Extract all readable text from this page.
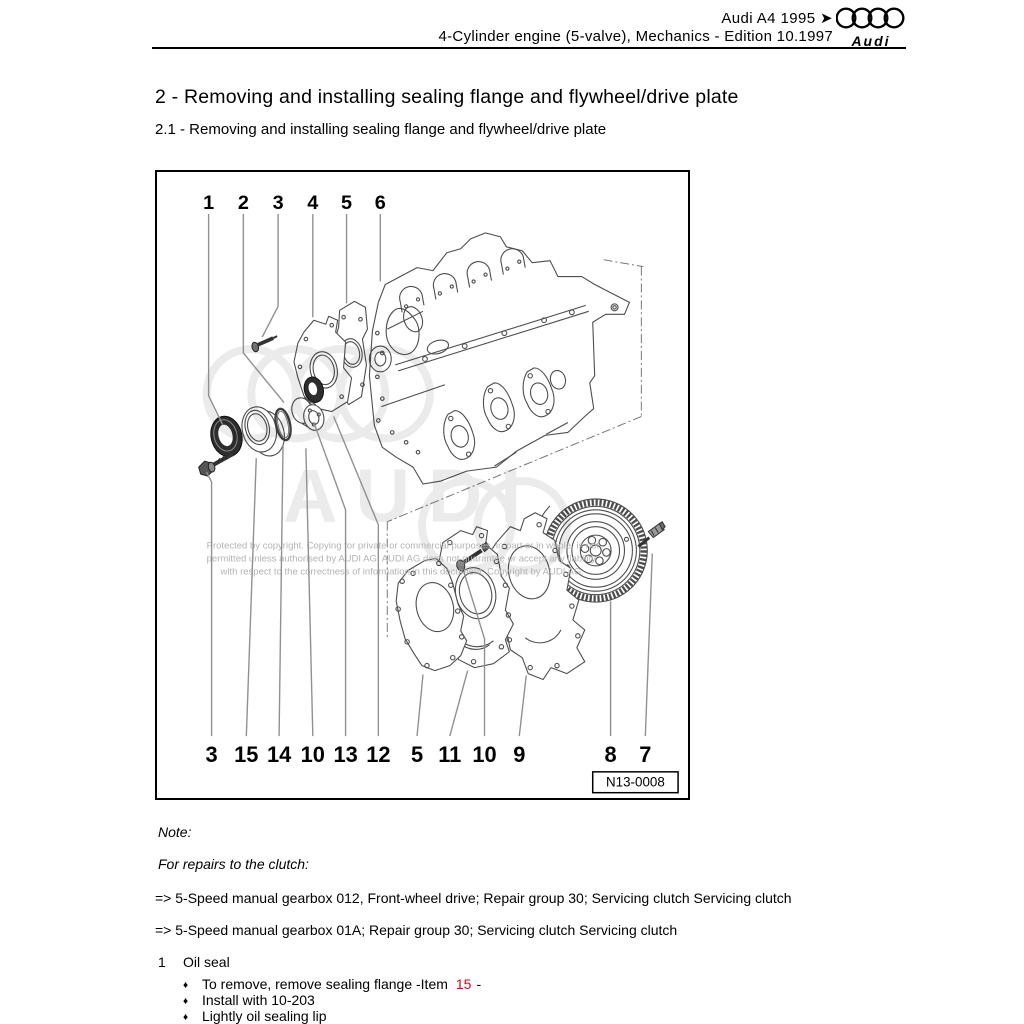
Audi A4 1995 ➤
4-Cylinder engine (5-valve), Mechanics - Edition 10.1997	Audi
2 - Removing and installing sealing flange and flywheel/drive plate
2.1 - Removing and installing sealing flange and flywheel/drive plate
AUDI
Protected by copyright. Copying for private or commercial purposes, in part or in whole, is not
permitted unless authorised by AUDI AG. AUDI AG does not guarantee or accept any liability
with respect to the correctness of information in this document. Copyright by AUDI AG.
1 2 3 4 5 6
3 15 14 10 13 12 5 11 10 9	8 7
N13-0008
Note:
For repairs to the clutch:
=> 5-Speed manual gearbox 012, Front-wheel drive; Repair group 30; Servicing clutch Servicing clutch
=> 5-Speed manual gearbox 01A; Repair group 30; Servicing clutch Servicing clutch
1 Oil seal
♦ To remove, remove sealing flange -Item 15 -
♦ Install with 10-203
♦ Lightly oil sealing lip
